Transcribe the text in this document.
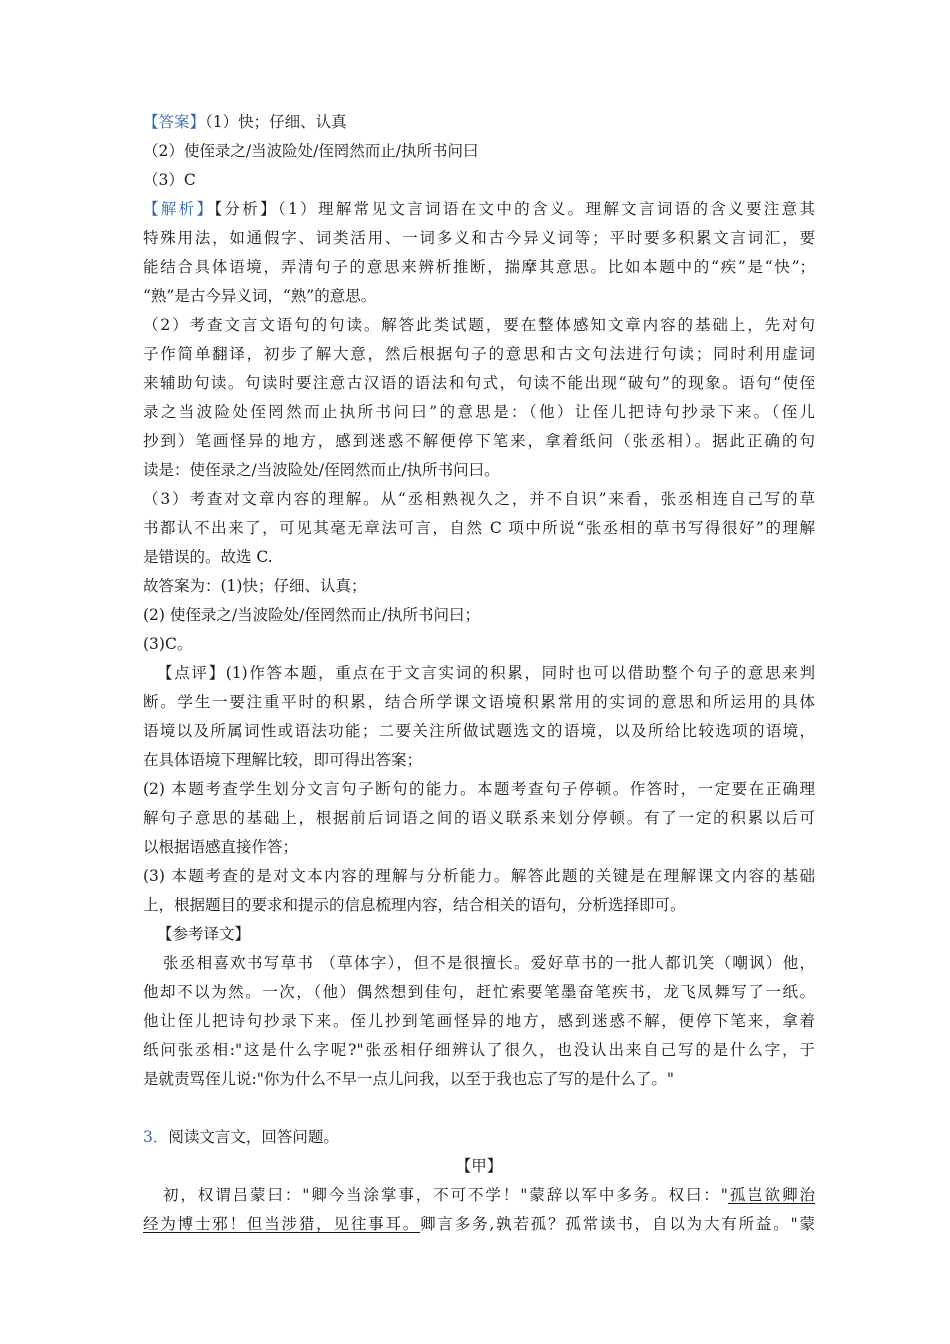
【答案】（1）快；仔细、认真
（2）使侄录之/当波险处/侄罔然而止/执所书问曰
（3）C
【解析】【分析】（1）理解常见文言词语在文中的含义。理解文言词语的含义要注意其
特殊用法，如通假字、词类活用、一词多义和古今异义词等；平时要多积累文言词汇，要
能结合具体语境，弄清句子的意思来辨析推断，揣摩其意思。比如本题中的“疾”是“快”；
“熟”是古今异义词，“熟”的意思。
（2）考查文言文语句的句读。解答此类试题，要在整体感知文章内容的基础上，先对句
子作简单翻译，初步了解大意，然后根据句子的意思和古文句法进行句读；同时利用虚词
来辅助句读。句读时要注意古汉语的语法和句式，句读不能出现“破句”的现象。语句“使侄
录之当波险处侄罔然而止执所书问曰”的意思是：（他）让侄儿把诗句抄录下来。（侄儿
抄到）笔画怪异的地方，感到迷惑不解便停下笔来，拿着纸问（张丞相）。据此正确的句
读是：使侄录之/当波险处/侄罔然而止/执所书问曰。
（3）考查对文章内容的理解。从“丞相熟视久之，并不自识”来看，张丞相连自己写的草
书都认不出来了，可见其毫无章法可言，自然 C 项中所说“张丞相的草书写得很好”的理解
是错误的。故选 C.
故答案为：(1)快；仔细、认真；
(2) 使侄录之/当波险处/侄罔然而止/执所书问曰；
(3)C。
【点评】(1)作答本题，重点在于文言实词的积累，同时也可以借助整个句子的意思来判
断。学生一要注重平时的积累，结合所学课文语境积累常用的实词的意思和所运用的具体
语境以及所属词性或语法功能；二要关注所做试题选文的语境，以及所给比较选项的语境，
在具体语境下理解比较，即可得出答案；
(2) 本题考查学生划分文言句子断句的能力。本题考查句子停顿。作答时，一定要在正确理
解句子意思的基础上，根据前后词语之间的语义联系来划分停顿。有了一定的积累以后可
以根据语感直接作答；
(3) 本题考查的是对文本内容的理解与分析能力。解答此题的关键是在理解课文内容的基础
上，根据题目的要求和提示的信息梳理内容，结合相关的语句，分析选择即可。
【参考译文】
张丞相喜欢书写草书 （草体字），但不是很擅长。爱好草书的一批人都讥笑（嘲讽）他，
他却不以为然。一次，（他）偶然想到佳句，赶忙索要笔墨奋笔疾书，龙飞凤舞写了一纸。
他让侄儿把诗句抄录下来。侄儿抄到笔画怪异的地方，感到迷惑不解，便停下笔来，拿着
纸问张丞相:"这是什么字呢?"张丞相仔细辨认了很久，也没认出来自己写的是什么字，于
是就责骂侄儿说:"你为什么不早一点儿问我，以至于我也忘了写的是什么了。"
3．阅读文言文，回答问题。
【甲】
初，权谓吕蒙曰："卿今当涂掌事，不可不学！"蒙辞以军中多务。权曰："孤岂欲卿治
经为博士邪！但当涉猎，见往事耳。卿言多务,孰若孤？孤常读书，自以为大有所益。"蒙
